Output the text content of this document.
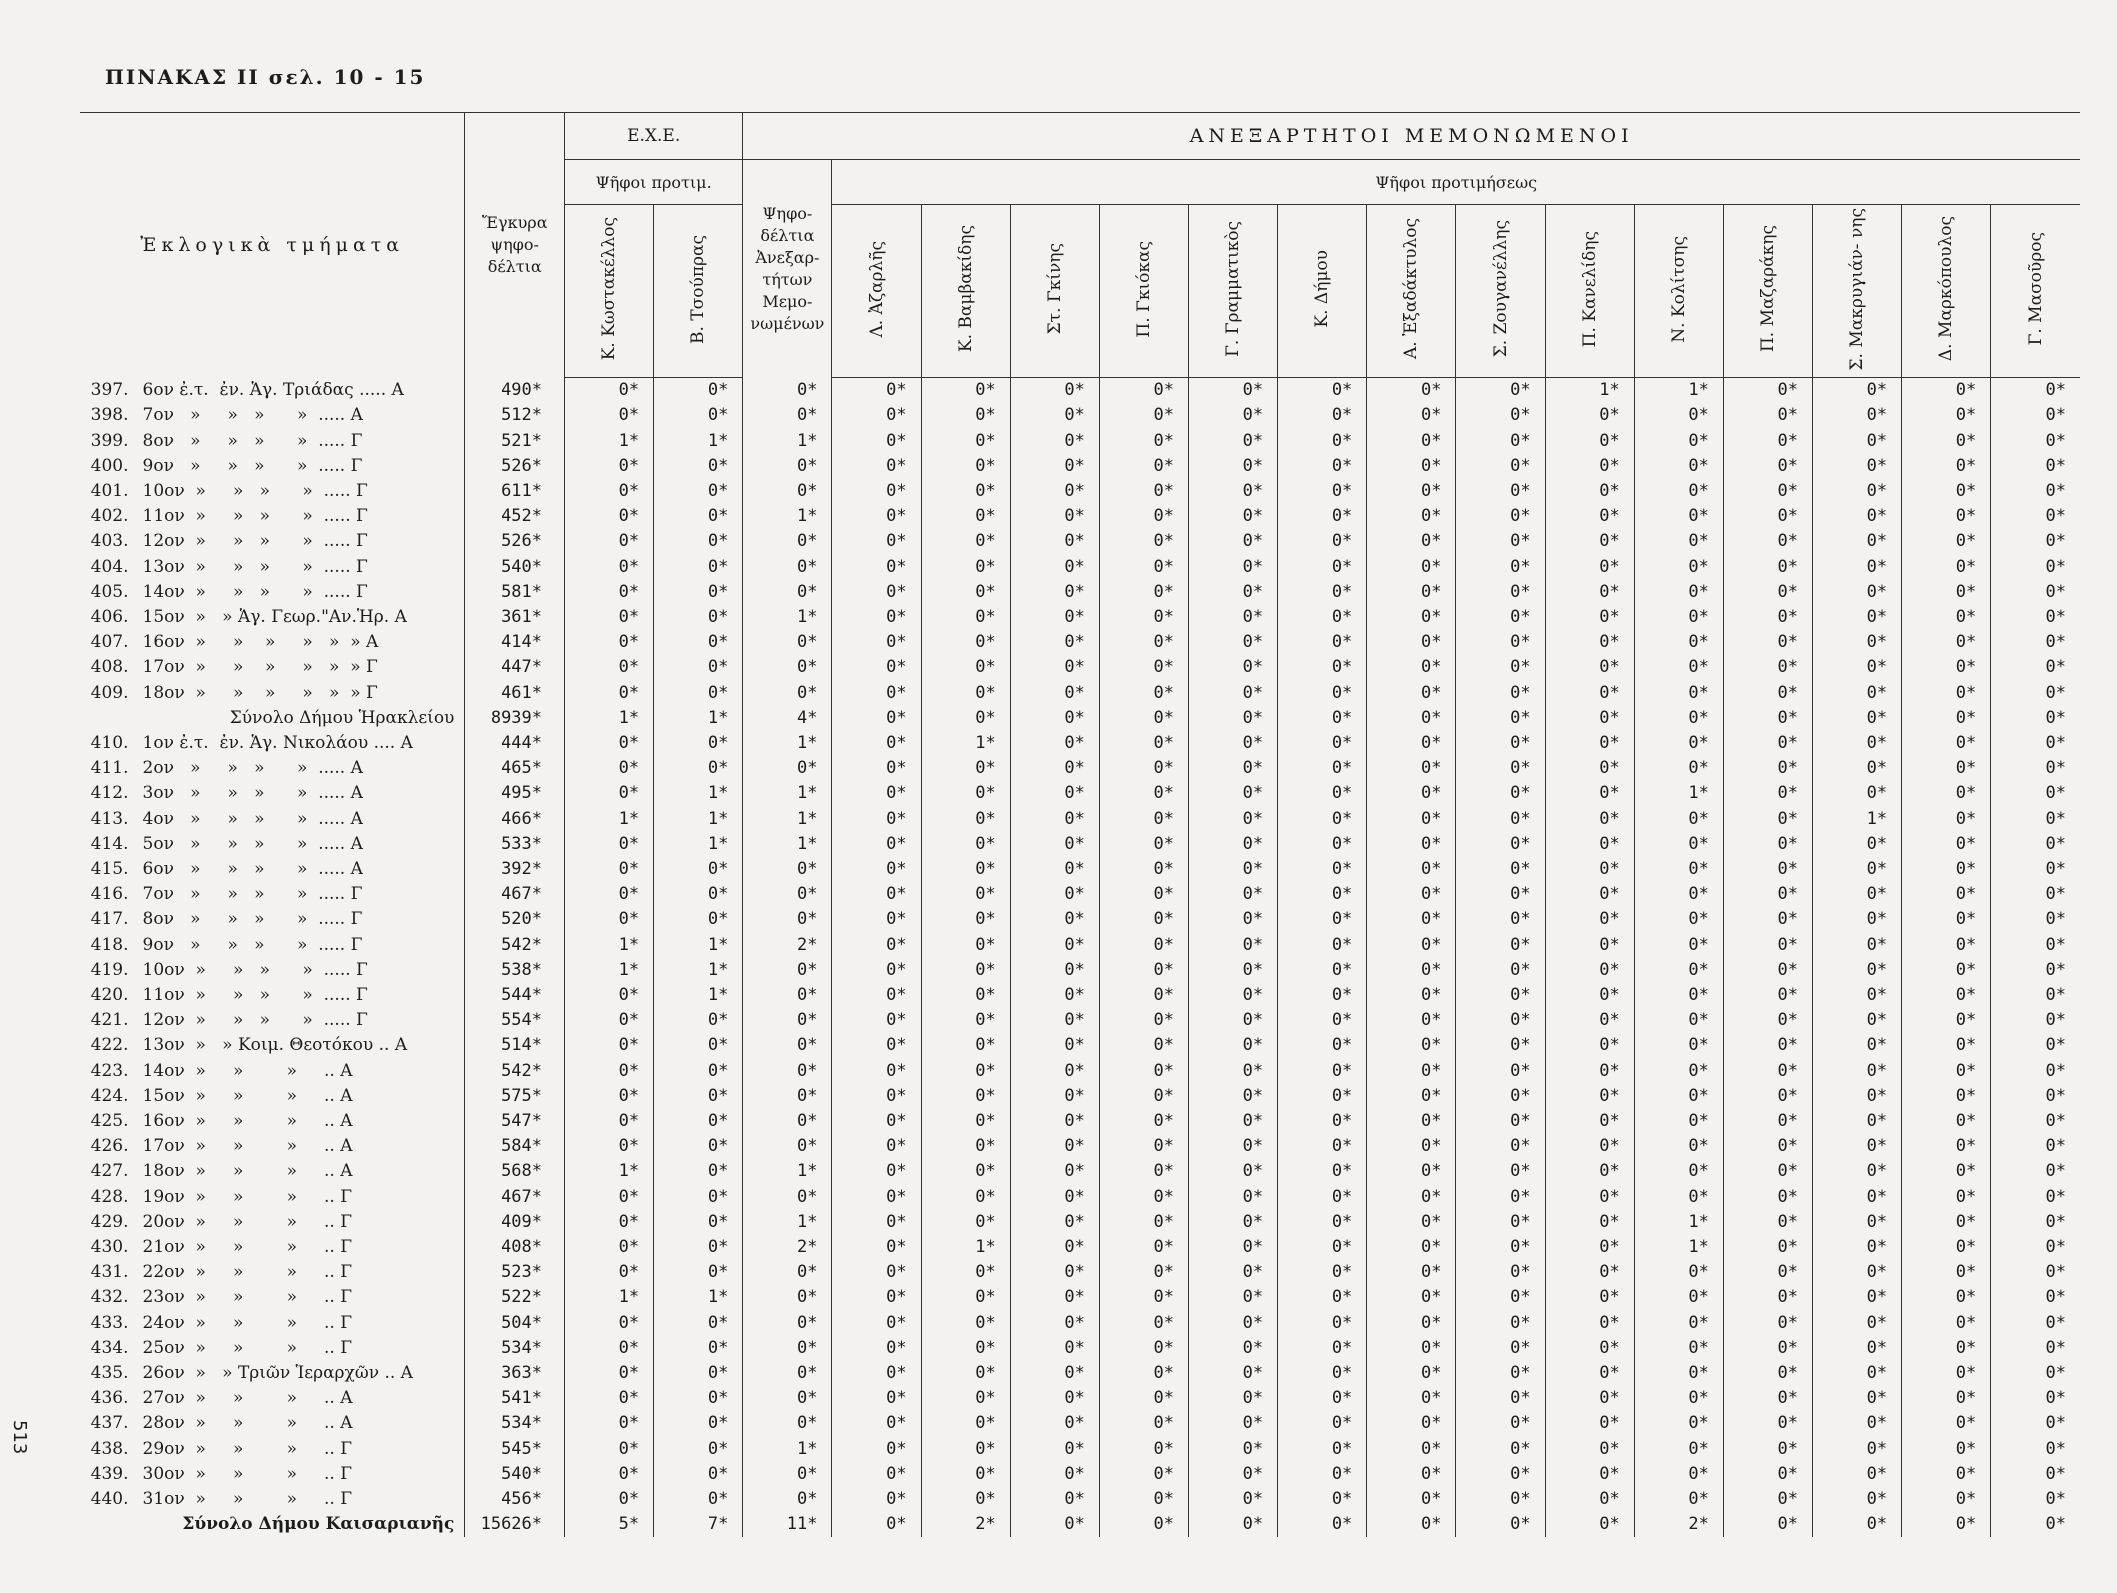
ΠΙΝΑΚΑΣ ΙΙ σελ. 10 - 15
513
Ἐκλογικὰ τμήματα		Ἔγκυρα ψηφο- δέλτια	Ε.Χ.Ε.		ΑΝΕΞΑΡΤΗΤΟΙ ΜΕΜΟΝΩΜΕΝΟΙ														
			Ψῆφοι προτιμ.		Ψηφο- δέλτια Ἀνεξαρ- τήτων Μεμο- νωμένων	Ψῆφοι προτιμήσεως													
			Κ. Κωστακέλλος	Β. Τσούπρας		Λ. Ἀζαρλῆς	Κ. Βαμβακίδης	Στ. Γκίνης	Π. Γκιόκας	Γ. Γραμματικὸς	Κ. Δήμου	Α. Ἐξαδάκτυλος	Σ. Ζουγανέλλης	Π. Κανελίδης	Ν. Κολίτσης	Π. Μαζαράκης	Σ. Μακρυγιάν- νης	Δ. Μαρκόπουλος	Γ. Μασοῦρος
397.	6ον ἐ.τ.  ἐν. Ἁγ. Τριάδας ..... Α	490*	0*	0*	0*	0*	0*	0*	0*	0*	0*	0*	0*	1*	1*	0*	0*	0*	0*
398.	7ον   »     »   »      »  ..... Α	512*	0*	0*	0*	0*	0*	0*	0*	0*	0*	0*	0*	0*	0*	0*	0*	0*	0*
399.	8ον   »     »   »      »  ..... Γ	521*	1*	1*	1*	0*	0*	0*	0*	0*	0*	0*	0*	0*	0*	0*	0*	0*	0*
400.	9ον   »     »   »      »  ..... Γ	526*	0*	0*	0*	0*	0*	0*	0*	0*	0*	0*	0*	0*	0*	0*	0*	0*	0*
401.	10ον  »     »   »      »  ..... Γ	611*	0*	0*	0*	0*	0*	0*	0*	0*	0*	0*	0*	0*	0*	0*	0*	0*	0*
402.	11ον  »     »   »      »  ..... Γ	452*	0*	0*	1*	0*	0*	0*	0*	0*	0*	0*	0*	0*	0*	0*	0*	0*	0*
403.	12ον  »     »   »      »  ..... Γ	526*	0*	0*	0*	0*	0*	0*	0*	0*	0*	0*	0*	0*	0*	0*	0*	0*	0*
404.	13ον  »     »   »      »  ..... Γ	540*	0*	0*	0*	0*	0*	0*	0*	0*	0*	0*	0*	0*	0*	0*	0*	0*	0*
405.	14ον  »     »   »      »  ..... Γ	581*	0*	0*	0*	0*	0*	0*	0*	0*	0*	0*	0*	0*	0*	0*	0*	0*	0*
406.	15ον  »   » Ἁγ. Γεωρ."Αν.Ἡρ. Α	361*	0*	0*	1*	0*	0*	0*	0*	0*	0*	0*	0*	0*	0*	0*	0*	0*	0*
407.	16ον  »     »    »     »   »  » Α	414*	0*	0*	0*	0*	0*	0*	0*	0*	0*	0*	0*	0*	0*	0*	0*	0*	0*
408.	17ον  »     »    »     »   »  » Γ	447*	0*	0*	0*	0*	0*	0*	0*	0*	0*	0*	0*	0*	0*	0*	0*	0*	0*
409.	18ον  »     »    »     »   »  » Γ	461*	0*	0*	0*	0*	0*	0*	0*	0*	0*	0*	0*	0*	0*	0*	0*	0*	0*
	Σύνολο Δήμου Ἡρακλείου	8939*	1*	1*	4*	0*	0*	0*	0*	0*	0*	0*	0*	0*	0*	0*	0*	0*	0*
410.	1ον ἐ.τ.  ἐν. Ἁγ. Νικολάου .... Α	444*	0*	0*	1*	0*	1*	0*	0*	0*	0*	0*	0*	0*	0*	0*	0*	0*	0*
411.	2ον   »     »   »      »  ..... Α	465*	0*	0*	0*	0*	0*	0*	0*	0*	0*	0*	0*	0*	0*	0*	0*	0*	0*
412.	3ον   »     »   »      »  ..... Α	495*	0*	1*	1*	0*	0*	0*	0*	0*	0*	0*	0*	0*	1*	0*	0*	0*	0*
413.	4ον   »     »   »      »  ..... Α	466*	1*	1*	1*	0*	0*	0*	0*	0*	0*	0*	0*	0*	0*	0*	1*	0*	0*
414.	5ον   »     »   »      »  ..... Α	533*	0*	1*	1*	0*	0*	0*	0*	0*	0*	0*	0*	0*	0*	0*	0*	0*	0*
415.	6ον   »     »   »      »  ..... Α	392*	0*	0*	0*	0*	0*	0*	0*	0*	0*	0*	0*	0*	0*	0*	0*	0*	0*
416.	7ον   »     »   »      »  ..... Γ	467*	0*	0*	0*	0*	0*	0*	0*	0*	0*	0*	0*	0*	0*	0*	0*	0*	0*
417.	8ον   »     »   »      »  ..... Γ	520*	0*	0*	0*	0*	0*	0*	0*	0*	0*	0*	0*	0*	0*	0*	0*	0*	0*
418.	9ον   »     »   »      »  ..... Γ	542*	1*	1*	2*	0*	0*	0*	0*	0*	0*	0*	0*	0*	0*	0*	0*	0*	0*
419.	10ον  »     »   »      »  ..... Γ	538*	1*	1*	0*	0*	0*	0*	0*	0*	0*	0*	0*	0*	0*	0*	0*	0*	0*
420.	11ον  »     »   »      »  ..... Γ	544*	0*	1*	0*	0*	0*	0*	0*	0*	0*	0*	0*	0*	0*	0*	0*	0*	0*
421.	12ον  »     »   »      »  ..... Γ	554*	0*	0*	0*	0*	0*	0*	0*	0*	0*	0*	0*	0*	0*	0*	0*	0*	0*
422.	13ον  »   » Κοιμ. Θεοτόκου .. Α	514*	0*	0*	0*	0*	0*	0*	0*	0*	0*	0*	0*	0*	0*	0*	0*	0*	0*
423.	14ον  »     »        »     .. Α	542*	0*	0*	0*	0*	0*	0*	0*	0*	0*	0*	0*	0*	0*	0*	0*	0*	0*
424.	15ον  »     »        »     .. Α	575*	0*	0*	0*	0*	0*	0*	0*	0*	0*	0*	0*	0*	0*	0*	0*	0*	0*
425.	16ον  »     »        »     .. Α	547*	0*	0*	0*	0*	0*	0*	0*	0*	0*	0*	0*	0*	0*	0*	0*	0*	0*
426.	17ον  »     »        »     .. Α	584*	0*	0*	0*	0*	0*	0*	0*	0*	0*	0*	0*	0*	0*	0*	0*	0*	0*
427.	18ον  »     »        »     .. Α	568*	1*	0*	1*	0*	0*	0*	0*	0*	0*	0*	0*	0*	0*	0*	0*	0*	0*
428.	19ον  »     »        »     .. Γ	467*	0*	0*	0*	0*	0*	0*	0*	0*	0*	0*	0*	0*	0*	0*	0*	0*	0*
429.	20ον  »     »        »     .. Γ	409*	0*	0*	1*	0*	0*	0*	0*	0*	0*	0*	0*	0*	1*	0*	0*	0*	0*
430.	21ον  »     »        »     .. Γ	408*	0*	0*	2*	0*	1*	0*	0*	0*	0*	0*	0*	0*	1*	0*	0*	0*	0*
431.	22ον  »     »        »     .. Γ	523*	0*	0*	0*	0*	0*	0*	0*	0*	0*	0*	0*	0*	0*	0*	0*	0*	0*
432.	23ον  »     »        »     .. Γ	522*	1*	1*	0*	0*	0*	0*	0*	0*	0*	0*	0*	0*	0*	0*	0*	0*	0*
433.	24ον  »     »        »     .. Γ	504*	0*	0*	0*	0*	0*	0*	0*	0*	0*	0*	0*	0*	0*	0*	0*	0*	0*
434.	25ον  »     »        »     .. Γ	534*	0*	0*	0*	0*	0*	0*	0*	0*	0*	0*	0*	0*	0*	0*	0*	0*	0*
435.	26ον  »   » Τριῶν Ἱεραρχῶν .. Α	363*	0*	0*	0*	0*	0*	0*	0*	0*	0*	0*	0*	0*	0*	0*	0*	0*	0*
436.	27ον  »     »        »     .. Α	541*	0*	0*	0*	0*	0*	0*	0*	0*	0*	0*	0*	0*	0*	0*	0*	0*	0*
437.	28ον  »     »        »     .. Α	534*	0*	0*	0*	0*	0*	0*	0*	0*	0*	0*	0*	0*	0*	0*	0*	0*	0*
438.	29ον  »     »        »     .. Γ	545*	0*	0*	1*	0*	0*	0*	0*	0*	0*	0*	0*	0*	0*	0*	0*	0*	0*
439.	30ον  »     »        »     .. Γ	540*	0*	0*	0*	0*	0*	0*	0*	0*	0*	0*	0*	0*	0*	0*	0*	0*	0*
440.	31ον  »     »        »     .. Γ	456*	0*	0*	0*	0*	0*	0*	0*	0*	0*	0*	0*	0*	0*	0*	0*	0*	0*
	Σύνολο Δήμου Καισαριανῆς	15626*	5*	7*	11*	0*	2*	0*	0*	0*	0*	0*	0*	0*	2*	0*	0*	0*	0*
